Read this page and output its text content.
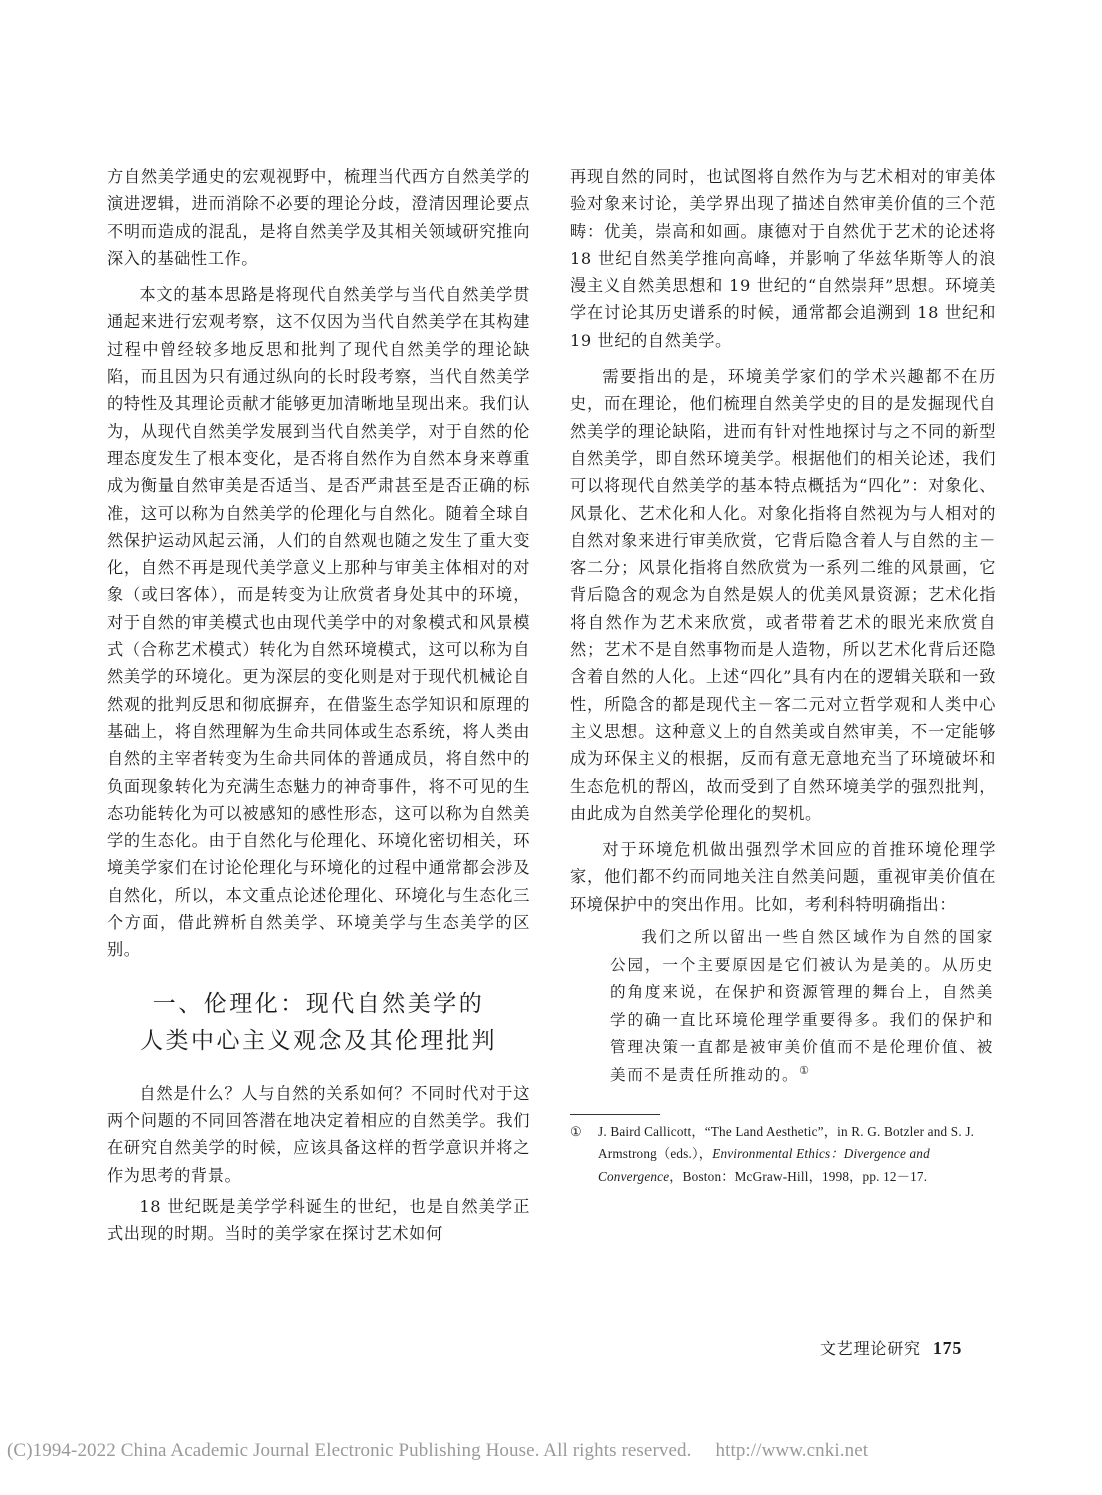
方自然美学通史的宏观视野中，梳理当代西方自然美学的演进逻辑，进而消除不必要的理论分歧，澄清因理论要点不明而造成的混乱，是将自然美学及其相关领域研究推向深入的基础性工作。

本文的基本思路是将现代自然美学与当代自然美学贯通起来进行宏观考察，这不仅因为当代自然美学在其构建过程中曾经较多地反思和批判了现代自然美学的理论缺陷，而且因为只有通过纵向的长时段考察，当代自然美学的特性及其理论贡献才能够更加清晰地呈现出来。我们认为，从现代自然美学发展到当代自然美学，对于自然的伦理态度发生了根本变化，是否将自然作为自然本身来尊重成为衡量自然审美是否适当、是否严肃甚至是否正确的标准，这可以称为自然美学的伦理化与自然化。随着全球自然保护运动风起云涌，人们的自然观也随之发生了重大变化，自然不再是现代美学意义上那种与审美主体相对的对象（或曰客体），而是转变为让欣赏者身处其中的环境，对于自然的审美模式也由现代美学中的对象模式和风景模式（合称艺术模式）转化为自然环境模式，这可以称为自然美学的环境化。更为深层的变化则是对于现代机械论自然观的批判反思和彻底摒弃，在借鉴生态学知识和原理的基础上，将自然理解为生命共同体或生态系统，将人类由自然的主宰者转变为生命共同体的普通成员，将自然中的负面现象转化为充满生态魅力的神奇事件，将不可见的生态功能转化为可以被感知的感性形态，这可以称为自然美学的生态化。由于自然化与伦理化、环境化密切相关，环境美学家们在讨论伦理化与环境化的过程中通常都会涉及自然化，所以，本文重点论述伦理化、环境化与生态化三个方面，借此辨析自然美学、环境美学与生态美学的区别。

一、伦理化：现代自然美学的
人类中心主义观念及其伦理批判

自然是什么？人与自然的关系如何？不同时代对于这两个问题的不同回答潜在地决定着相应的自然美学。我们在研究自然美学的时候，应该具备这样的哲学意识并将之作为思考的背景。

18 世纪既是美学学科诞生的世纪，也是自然美学正式出现的时期。当时的美学家在探讨艺术如何

再现自然的同时，也试图将自然作为与艺术相对的审美体验对象来讨论，美学界出现了描述自然审美价值的三个范畴：优美，崇高和如画。康德对于自然优于艺术的论述将 18 世纪自然美学推向高峰，并影响了华兹华斯等人的浪漫主义自然美思想和 19 世纪的“自然崇拜”思想。环境美学在讨论其历史谱系的时候，通常都会追溯到 18 世纪和 19 世纪的自然美学。

需要指出的是，环境美学家们的学术兴趣都不在历史，而在理论，他们梳理自然美学史的目的是发掘现代自然美学的理论缺陷，进而有针对性地探讨与之不同的新型自然美学，即自然环境美学。根据他们的相关论述，我们可以将现代自然美学的基本特点概括为“四化”：对象化、风景化、艺术化和人化。对象化指将自然视为与人相对的自然对象来进行审美欣赏，它背后隐含着人与自然的主－客二分；风景化指将自然欣赏为一系列二维的风景画，它背后隐含的观念为自然是娱人的优美风景资源；艺术化指将自然作为艺术来欣赏，或者带着艺术的眼光来欣赏自然；艺术不是自然事物而是人造物，所以艺术化背后还隐含着自然的人化。上述“四化”具有内在的逻辑关联和一致性，所隐含的都是现代主－客二元对立哲学观和人类中心主义思想。这种意义上的自然美或自然审美，不一定能够成为环保主义的根据，反而有意无意地充当了环境破坏和生态危机的帮凶，故而受到了自然环境美学的强烈批判，由此成为自然美学伦理化的契机。

对于环境危机做出强烈学术回应的首推环境伦理学家，他们都不约而同地关注自然美问题，重视审美价值在环境保护中的突出作用。比如，考利科特明确指出：

我们之所以留出一些自然区域作为自然的国家公园，一个主要原因是它们被认为是美的。从历史的角度来说，在保护和资源管理的舞台上，自然美学的确一直比环境伦理学重要得多。我们的保护和管理决策一直都是被审美价值而不是伦理价值、被美而不是责任所推动的。①

① J. Baird Callicott，“The Land Aesthetic”，in R. G. Botzler and S. J. Armstrong（eds.），Environmental Ethics：Divergence and Convergence，Boston：McGraw-Hill，1998，pp. 12－17.
文艺理论研究 175
(C)1994-2022 China Academic Journal Electronic Publishing House. All rights reserved. http://www.cnki.net
